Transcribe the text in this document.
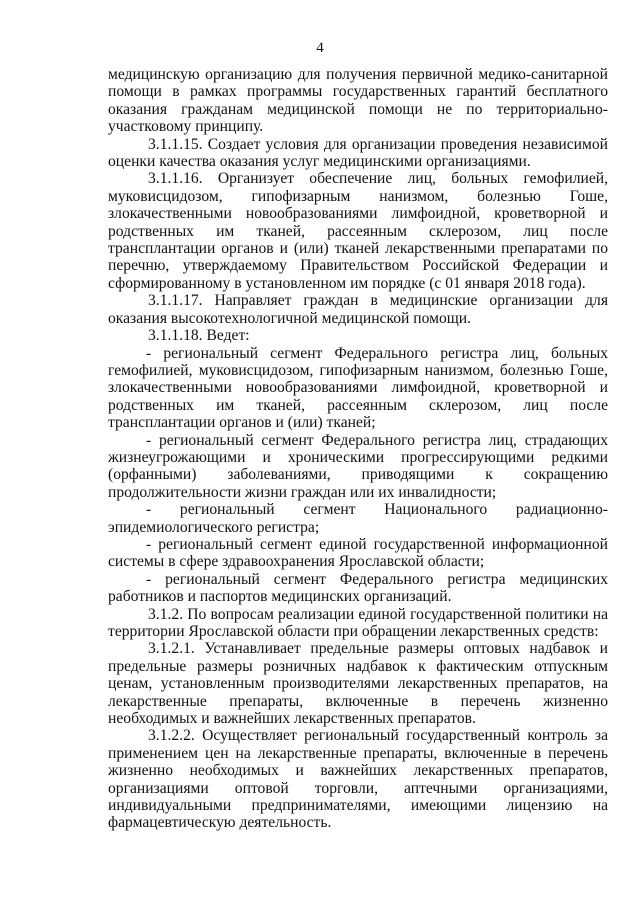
4

медицинскую организацию для получения первичной медико-санитарной помощи в рамках программы государственных гарантий бесплатного оказания гражданам медицинской помощи не по территориально-участковому принципу.

3.1.1.15. Создает условия для организации проведения независимой оценки качества оказания услуг медицинскими организациями.

3.1.1.16. Организует обеспечение лиц, больных гемофилией, муковисцидозом, гипофизарным нанизмом, болезнью Гоше, злокачественными новообразованиями лимфоидной, кроветворной и родственных им тканей, рассеянным склерозом, лиц после трансплантации органов и (или) тканей лекарственными препаратами по перечню, утверждаемому Правительством Российской Федерации и сформированному в установленном им порядке (с 01 января 2018 года).

3.1.1.17. Направляет граждан в медицинские организации для оказания высокотехнологичной медицинской помощи.

3.1.1.18. Ведет:

- региональный сегмент Федерального регистра лиц, больных гемофилией, муковисцидозом, гипофизарным нанизмом, болезнью Гоше, злокачественными новообразованиями лимфоидной, кроветворной и родственных им тканей, рассеянным склерозом, лиц после трансплантации органов и (или) тканей;

- региональный сегмент Федерального регистра лиц, страдающих жизнеугрожающими и хроническими прогрессирующими редкими (орфанными) заболеваниями, приводящими к сокращению продолжительности жизни граждан или их инвалидности;

- региональный сегмент Национального радиационно-эпидемиологического регистра;

- региональный сегмент единой государственной информационной системы в сфере здравоохранения Ярославской области;

- региональный сегмент Федерального регистра медицинских работников и паспортов медицинских организаций.

3.1.2. По вопросам реализации единой государственной политики на территории Ярославской области при обращении лекарственных средств:

3.1.2.1. Устанавливает предельные размеры оптовых надбавок и предельные размеры розничных надбавок к фактическим отпускным ценам, установленным производителями лекарственных препаратов, на лекарственные препараты, включенные в перечень жизненно необходимых и важнейших лекарственных препаратов.

3.1.2.2. Осуществляет региональный государственный контроль за применением цен на лекарственные препараты, включенные в перечень жизненно необходимых и важнейших лекарственных препаратов, организациями оптовой торговли, аптечными организациями, индивидуальными предпринимателями, имеющими лицензию на фармацевтическую деятельность.
